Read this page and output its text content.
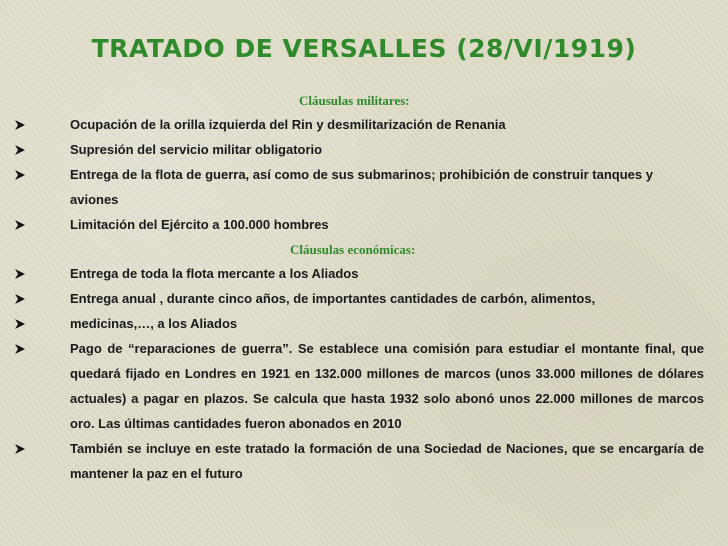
TRATADO DE VERSALLES (28/VI/1919)

Cláusulas militares:

Ocupación de la orilla izquierda del Rin y desmilitarización de Renania
Supresión del servicio militar obligatorio
Entrega de la flota de guerra, así como de sus submarinos; prohibición de construir tanques y aviones
Limitación del Ejército a 100.000 hombres

Cláusulas económicas:

Entrega de toda la flota mercante a los Aliados
Entrega anual , durante cinco años, de importantes cantidades de carbón, alimentos, medicinas,…, a los Aliados
Pago de “reparaciones de guerra”. Se establece una comisión para estudiar el montante final, que quedará fijado en Londres en 1921 en 132.000 millones de marcos (unos 33.000 millones de dólares actuales) a pagar en plazos. Se calcula que hasta 1932 solo abonó unos 22.000 millones de marcos oro. Las últimas cantidades fueron abonados en 2010
También se incluye en este tratado la formación de una Sociedad de Naciones, que se encargaría de mantener la paz en el futuro
